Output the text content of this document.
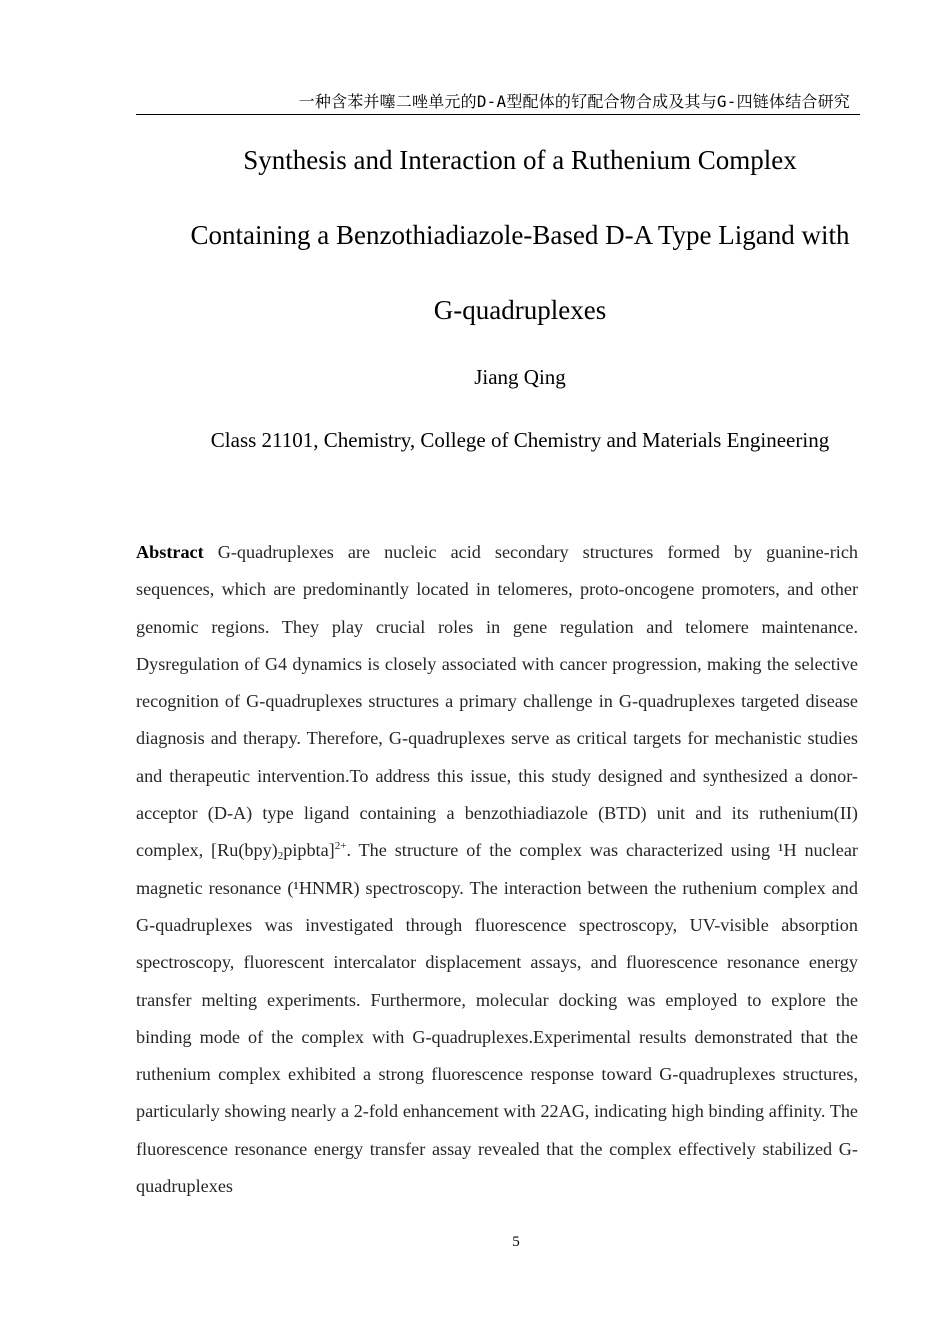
一种含苯并噻二唑单元的D-A型配体的钌配合物合成及其与G-四链体结合研究
Synthesis and Interaction of a Ruthenium Complex
Containing a Benzothiadiazole-Based D-A Type Ligand with
G-quadruplexes
Jiang Qing
Class 21101, Chemistry, College of Chemistry and Materials Engineering

Abstract G-quadruplexes are nucleic acid secondary structures formed by guanine-rich sequences, which are predominantly located in telomeres, proto-oncogene promoters, and other genomic regions. They play crucial roles in gene regulation and telomere maintenance. Dysregulation of G4 dynamics is closely associated with cancer progression, making the selective recognition of G-quadruplexes structures a primary challenge in G-quadruplexes targeted disease diagnosis and therapy. Therefore, G-quadruplexes serve as critical targets for mechanistic studies and therapeutic intervention.To address this issue, this study designed and synthesized a donor-acceptor (D-A) type ligand containing a benzothiadiazole (BTD) unit and its ruthenium(II) complex, $[Ru(bpy)_2pipbta]^{2+}$. The structure of the complex was characterized using ¹H nuclear magnetic resonance (¹HNMR) spectroscopy. The interaction between the ruthenium complex and G-quadruplexes was investigated through fluorescence spectroscopy, UV-visible absorption spectroscopy, fluorescent intercalator displacement assays, and fluorescence resonance energy transfer melting experiments. Furthermore, molecular docking was employed to explore the binding mode of the complex with G-quadruplexes.Experimental results demonstrated that the ruthenium complex exhibited a strong fluorescence response toward G-quadruplexes structures, particularly showing nearly a 2-fold enhancement with 22AG, indicating high binding affinity. The fluorescence resonance energy transfer assay revealed that the complex effectively stabilized G-quadruplexes

5
